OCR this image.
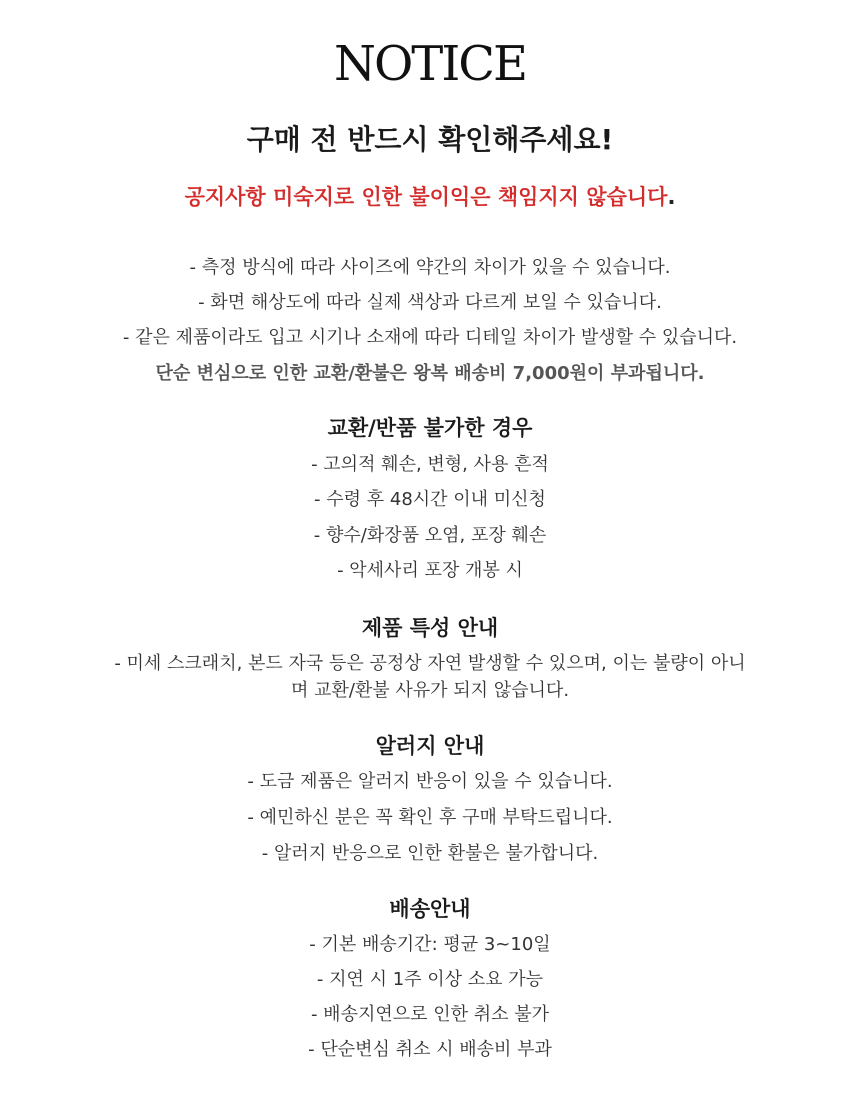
NOTICE
구매 전 반드시 확인해주세요!
공지사항 미숙지로 인한 불이익은 책임지지 않습니다.
- 측정 방식에 따라 사이즈에 약간의 차이가 있을 수 있습니다.
- 화면 해상도에 따라 실제 색상과 다르게 보일 수 있습니다.
- 같은 제품이라도 입고 시기나 소재에 따라 디테일 차이가 발생할 수 있습니다.
단순 변심으로 인한 교환/환불은 왕복 배송비 7,000원이 부과됩니다.
교환/반품 불가한 경우
- 고의적 훼손, 변형, 사용 흔적
- 수령 후 48시간 이내 미신청
- 향수/화장품 오염, 포장 훼손
- 악세사리 포장 개봉 시
제품 특성 안내
- 미세 스크래치, 본드 자국 등은 공정상 자연 발생할 수 있으며, 이는 불량이 아니
며 교환/환불 사유가 되지 않습니다.
알러지 안내
- 도금 제품은 알러지 반응이 있을 수 있습니다.
- 예민하신 분은 꼭 확인 후 구매 부탁드립니다.
- 알러지 반응으로 인한 환불은 불가합니다.
배송안내
- 기본 배송기간: 평균 3~10일
- 지연 시 1주 이상 소요 가능
- 배송지연으로 인한 취소 불가
- 단순변심 취소 시 배송비 부과
